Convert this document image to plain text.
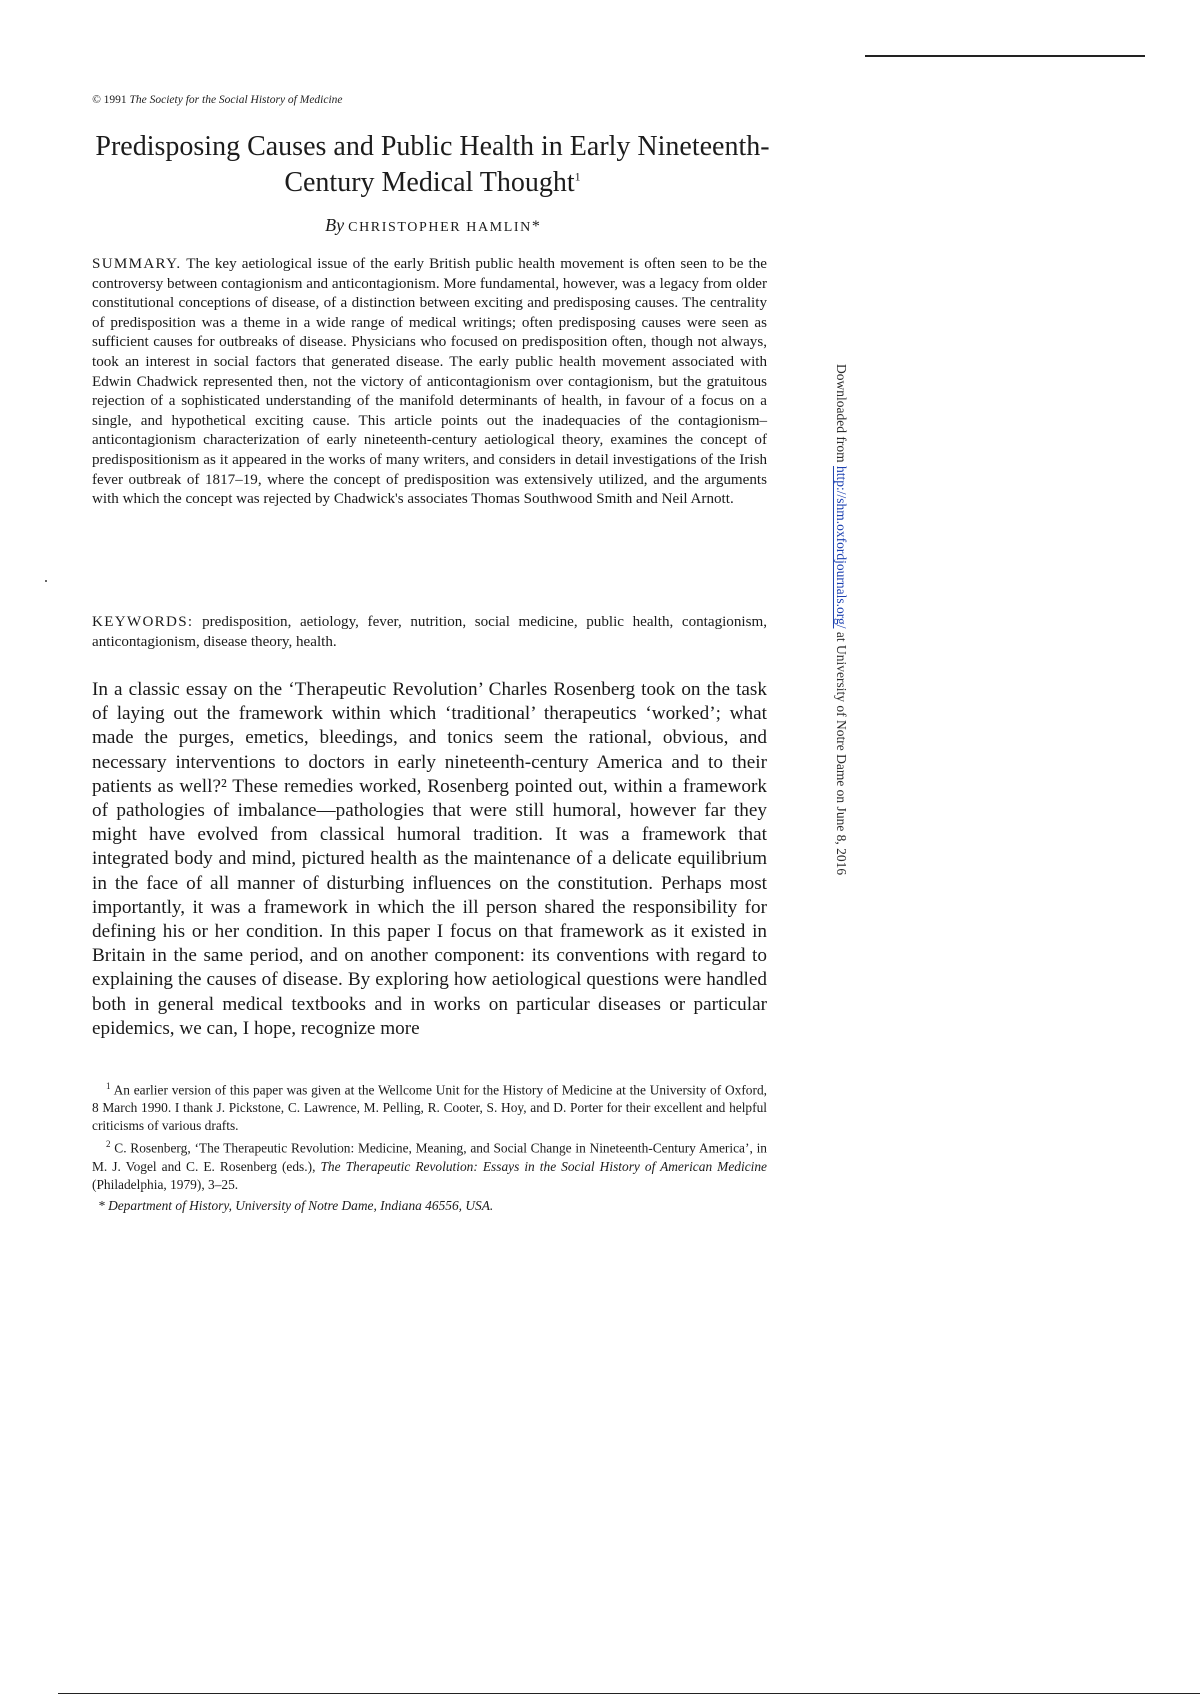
© 1991 The Society for the Social History of Medicine
Predisposing Causes and Public Health in Early Nineteenth-Century Medical Thought$^1$
By CHRISTOPHER HAMLIN*

SUMMARY. The key aetiological issue of the early British public health movement is often seen to be the controversy between contagionism and anticontagionism. More fundamental, however, was a legacy from older constitutional conceptions of disease, of a distinction between exciting and predisposing causes. The centrality of predisposition was a theme in a wide range of medical writings; often predisposing causes were seen as sufficient causes for outbreaks of disease. Physicians who focused on predisposition often, though not always, took an interest in social factors that generated disease. The early public health movement associated with Edwin Chadwick represented then, not the victory of anticontagionism over contagionism, but the gratuitous rejection of a sophisticated understanding of the manifold determinants of health, in favour of a focus on a single, and hypothetical exciting cause. This article points out the inadequacies of the contagionism–anticontagionism characterization of early nineteenth-century aetiological theory, examines the concept of predispositionism as it appeared in the works of many writers, and considers in detail investigations of the Irish fever outbreak of 1817–19, where the concept of predisposition was extensively utilized, and the arguments with which the concept was rejected by Chadwick's associates Thomas Southwood Smith and Neil Arnott.

KEYWORDS: predisposition, aetiology, fever, nutrition, social medicine, public health, contagionism, anticontagionism, disease theory, health.

In a classic essay on the ‘Therapeutic Revolution’ Charles Rosenberg took on the task of laying out the framework within which ‘traditional’ therapeutics ‘worked’; what made the purges, emetics, bleedings, and tonics seem the rational, obvious, and necessary interventions to doctors in early nineteenth-century America and to their patients as well?² These remedies worked, Rosenberg pointed out, within a framework of pathologies of imbalance—pathologies that were still humoral, however far they might have evolved from classical humoral tradition. It was a framework that integrated body and mind, pictured health as the maintenance of a delicate equilibrium in the face of all manner of disturbing influences on the constitution. Perhaps most importantly, it was a framework in which the ill person shared the responsibility for defining his or her condition. In this paper I focus on that framework as it existed in Britain in the same period, and on another component: its conventions with regard to explaining the causes of disease. By exploring how aetiological questions were handled both in general medical textbooks and in works on particular diseases or particular epidemics, we can, I hope, recognize more

$^1$ An earlier version of this paper was given at the Wellcome Unit for the History of Medicine at the University of Oxford, 8 March 1990. I thank J. Pickstone, C. Lawrence, M. Pelling, R. Cooter, S. Hoy, and D. Porter for their excellent and helpful criticisms of various drafts.

$^2$ C. Rosenberg, ‘The Therapeutic Revolution: Medicine, Meaning, and Social Change in Nineteenth-Century America’, in M. J. Vogel and C. E. Rosenberg (eds.), The Therapeutic Revolution: Essays in the Social History of American Medicine (Philadelphia, 1979), 3–25.

* Department of History, University of Notre Dame, Indiana 46556, USA.

Downloaded from http://shm.oxfordjournals.org/ at University of Notre Dame on June 8, 2016
